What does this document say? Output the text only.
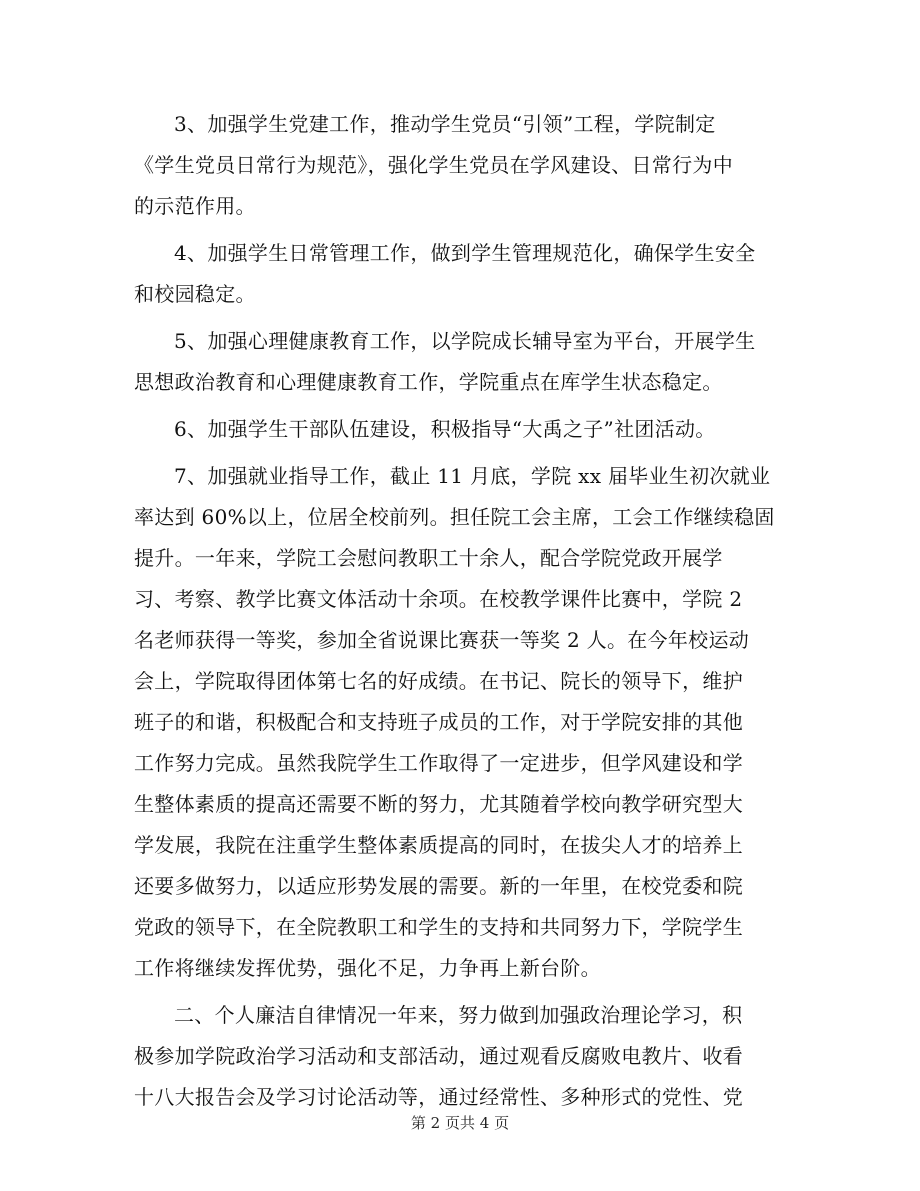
3、加强学生党建工作，推动学生党员“引领”工程，学院制定
《学生党员日常行为规范》，强化学生党员在学风建设、日常行为中
的示范作用。

4、加强学生日常管理工作，做到学生管理规范化，确保学生安全
和校园稳定。

5、加强心理健康教育工作，以学院成长辅导室为平台，开展学生
思想政治教育和心理健康教育工作，学院重点在库学生状态稳定。

6、加强学生干部队伍建设，积极指导“大禹之子”社团活动。

7、加强就业指导工作，截止 11 月底，学院 xx 届毕业生初次就业
率达到 60%以上，位居全校前列。担任院工会主席，工会工作继续稳固
提升。一年来，学院工会慰问教职工十余人，配合学院党政开展学
习、考察、教学比赛文体活动十余项。在校教学课件比赛中，学院 2
名老师获得一等奖，参加全省说课比赛获一等奖 2 人。在今年校运动
会上，学院取得团体第七名的好成绩。在书记、院长的领导下，维护
班子的和谐，积极配合和支持班子成员的工作，对于学院安排的其他
工作努力完成。虽然我院学生工作取得了一定进步，但学风建设和学
生整体素质的提高还需要不断的努力，尤其随着学校向教学研究型大
学发展，我院在注重学生整体素质提高的同时，在拔尖人才的培养上
还要多做努力，以适应形势发展的需要。新的一年里，在校党委和院
党政的领导下，在全院教职工和学生的支持和共同努力下，学院学生
工作将继续发挥优势，强化不足，力争再上新台阶。

二、个人廉洁自律情况一年来，努力做到加强政治理论学习，积
极参加学院政治学习活动和支部活动，通过观看反腐败电教片、收看
十八大报告会及学习讨论活动等，通过经常性、多种形式的党性、党

第 2 页共 4 页
